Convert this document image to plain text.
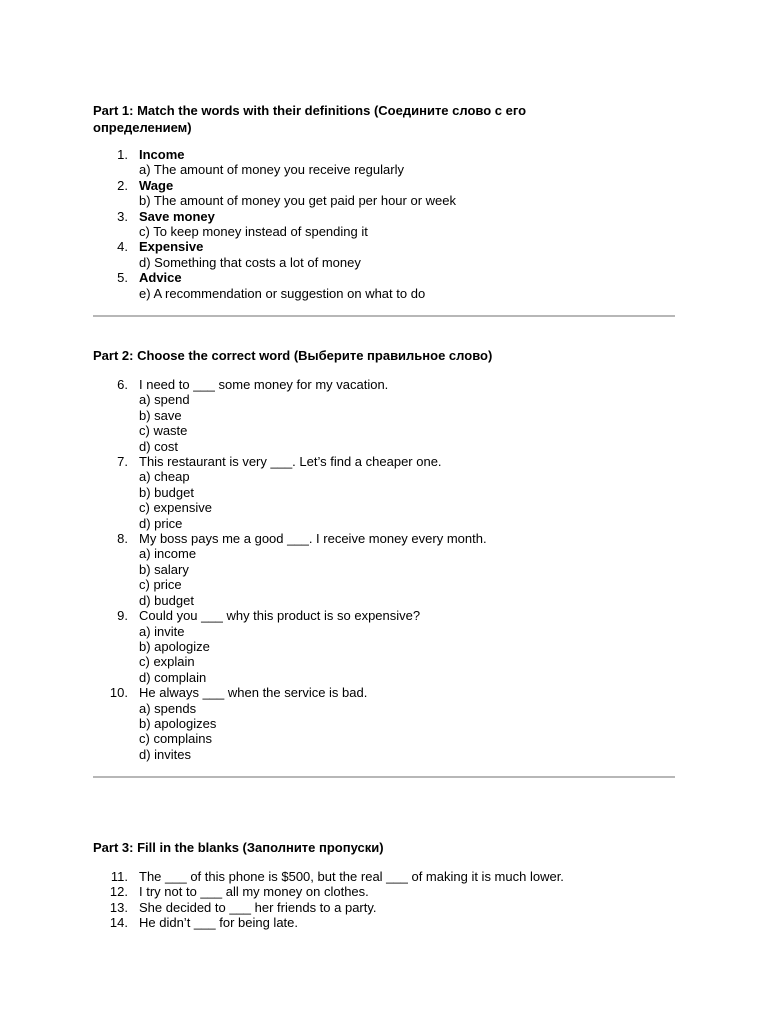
Part 1: Match the words with their definitions (Соедините слово с его определением)

1. Income
a) The amount of money you receive regularly
2. Wage
b) The amount of money you get paid per hour or week
3. Save money
c) To keep money instead of spending it
4. Expensive
d) Something that costs a lot of money
5. Advice
e) A recommendation or suggestion on what to do

Part 2: Choose the correct word (Выберите правильное слово)

6. I need to ___ some money for my vacation.
a) spend
b) save
c) waste
d) cost
7. This restaurant is very ___. Let’s find a cheaper one.
a) cheap
b) budget
c) expensive
d) price
8. My boss pays me a good ___. I receive money every month.
a) income
b) salary
c) price
d) budget
9. Could you ___ why this product is so expensive?
a) invite
b) apologize
c) explain
d) complain
10. He always ___ when the service is bad.
a) spends
b) apologizes
c) complains
d) invites

Part 3: Fill in the blanks (Заполните пропуски)

11. The ___ of this phone is $500, but the real ___ of making it is much lower.
12. I try not to ___ all my money on clothes.
13. She decided to ___ her friends to a party.
14. He didn’t ___ for being late.
